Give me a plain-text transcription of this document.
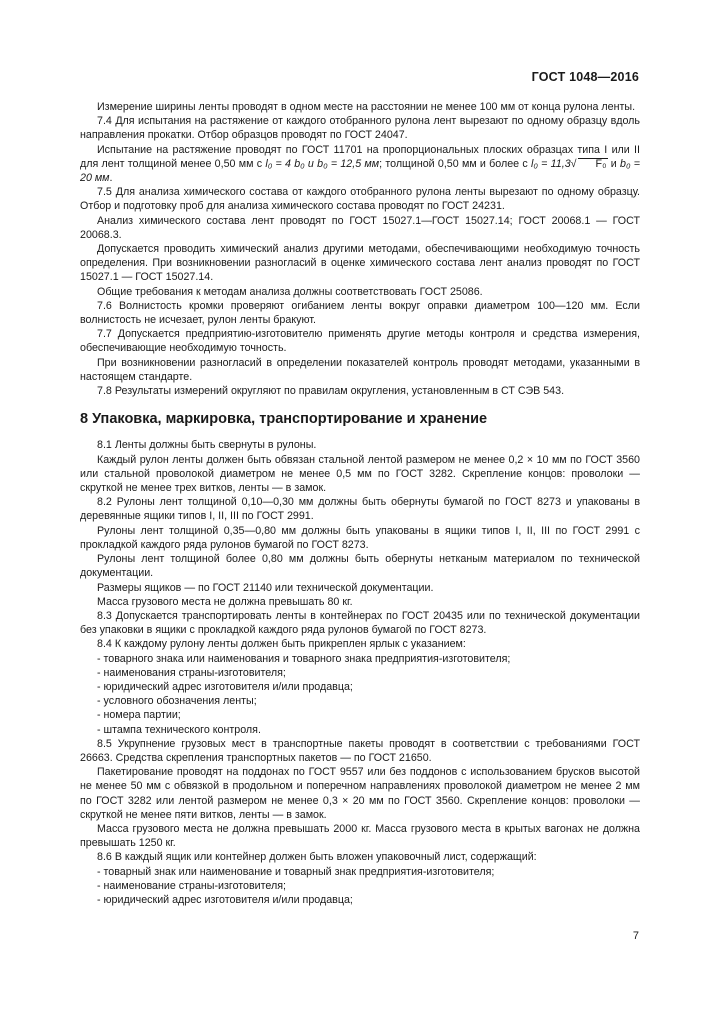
ГОСТ 1048—2016

Измерение ширины ленты проводят в одном месте на расстоянии не менее 100 мм от конца рулона ленты.

7.4 Для испытания на растяжение от каждого отобранного рулона лент вырезают по одному образцу вдоль направления прокатки. Отбор образцов проводят по ГОСТ 24047.

Испытание на растяжение проводят по ГОСТ 11701 на пропорциональных плоских образцах типа I или II для лент толщиной менее 0,50 мм с l₀ = 4 b₀ и b₀ = 12,5 мм; толщиной 0,50 мм и более с l₀ = 11,3√ F₀ и b₀ = 20 мм.

7.5 Для анализа химического состава от каждого отобранного рулона ленты вырезают по одному образцу. Отбор и подготовку проб для анализа химического состава проводят по ГОСТ 24231.

Анализ химического состава лент проводят по ГОСТ 15027.1—ГОСТ 15027.14; ГОСТ 20068.1 — ГОСТ 20068.3.

Допускается проводить химический анализ другими методами, обеспечивающими необходимую точность определения. При возникновении разногласий в оценке химического состава лент анализ проводят по ГОСТ 15027.1 — ГОСТ 15027.14.

Общие требования к методам анализа должны соответствовать ГОСТ 25086.

7.6 Волнистость кромки проверяют огибанием ленты вокруг оправки диаметром 100—120 мм. Если волнистость не исчезает, рулон ленты бракуют.

7.7 Допускается предприятию-изготовителю применять другие методы контроля и средства измерения, обеспечивающие необходимую точность.

При возникновении разногласий в определении показателей контроль проводят методами, указанными в настоящем стандарте.

7.8 Результаты измерений округляют по правилам округления, установленным в СТ СЭВ 543.

8 Упаковка, маркировка, транспортирование и хранение

8.1 Ленты должны быть свернуты в рулоны.

Каждый рулон ленты должен быть обвязан стальной лентой размером не менее 0,2 × 10 мм по ГОСТ 3560 или стальной проволокой диаметром не менее 0,5 мм по ГОСТ 3282. Скрепление концов: проволоки — скруткой не менее трех витков, ленты — в замок.

8.2 Рулоны лент толщиной 0,10—0,30 мм должны быть обернуты бумагой по ГОСТ 8273 и упакованы в деревянные ящики типов I, II, III по ГОСТ 2991.

Рулоны лент толщиной 0,35—0,80 мм должны быть упакованы в ящики типов I, II, III по ГОСТ 2991 с прокладкой каждого ряда рулонов бумагой по ГОСТ 8273.

Рулоны лент толщиной более 0,80 мм должны быть обернуты нетканым материалом по технической документации.

Размеры ящиков — по ГОСТ 21140 или технической документации.

Масса грузового места не должна превышать 80 кг.

8.3 Допускается транспортировать ленты в контейнерах по ГОСТ 20435 или по технической документации без упаковки в ящики с прокладкой каждого ряда рулонов бумагой по ГОСТ 8273.

8.4 К каждому рулону ленты должен быть прикреплен ярлык с указанием:

- товарного знака или наименования и товарного знака предприятия-изготовителя;

- наименования страны-изготовителя;

- юридический адрес изготовителя и/или продавца;

- условного обозначения ленты;

- номера партии;

- штампа технического контроля.

8.5 Укрупнение грузовых мест в транспортные пакеты проводят в соответствии с требованиями ГОСТ 26663. Средства скрепления транспортных пакетов — по ГОСТ 21650.

Пакетирование проводят на поддонах по ГОСТ 9557 или без поддонов с использованием брусков высотой не менее 50 мм с обвязкой в продольном и поперечном направлениях проволокой диаметром не менее 2 мм по ГОСТ 3282 или лентой размером не менее 0,3 × 20 мм по ГОСТ 3560. Скрепление концов: проволоки — скруткой не менее пяти витков, ленты — в замок.

Масса грузового места не должна превышать 2000 кг. Масса грузового места в крытых вагонах не должна превышать 1250 кг.

8.6 В каждый ящик или контейнер должен быть вложен упаковочный лист, содержащий:

- товарный знак или наименование и товарный знак предприятия-изготовителя;

- наименование страны-изготовителя;

- юридический адрес изготовителя и/или продавца;

7
